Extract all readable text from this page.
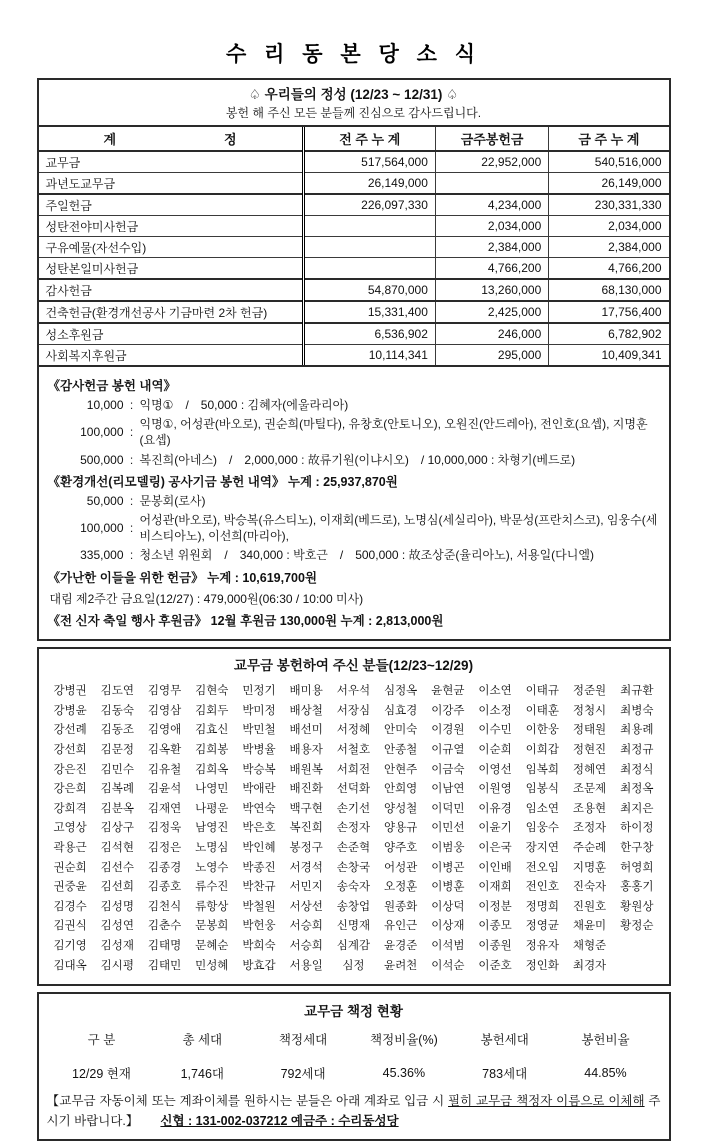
수 리 동 본 당 소 식
♤ 우리들의 정성 (12/23 ~ 12/31) ♤
봉헌 해 주신 모든 분들께 진심으로 감사드립니다.
계 정	전 주 누 계	금주봉헌금	금 주 누 계
교무금	517,564,000	22,952,000	540,516,000
과년도교무금	26,149,000		26,149,000
주일헌금	226,097,330	4,234,000	230,331,330
성탄전야미사헌금		2,034,000	2,034,000
구유예물(자선수입)		2,384,000	2,384,000
성탄본일미사헌금		4,766,200	4,766,200
감사헌금	54,870,000	13,260,000	68,130,000
건축헌금(환경개선공사 기금마련 2차 헌금)	15,331,400	2,425,000	17,756,400
성소후원금	6,536,902	246,000	6,782,902
사회복지후원금	10,114,341	295,000	10,409,341
《감사헌금 봉헌 내역》
10,000 : 익명①　/　50,000 : 김혜자(에울라리아)
100,000 :
익명①, 어성관(바오로), 권순희(마틸다), 유창호(안토니오), 오원진(안드레아), 전인호(요셉), 지명훈(요셉)
500,000 : 복진희(아네스)　/　2,000,000 : 故류기원(이냐시오)　/ 10,000,000 : 차형기(베드로)
《환경개선(리모델링) 공사기금 봉헌 내역》 누계 : 25,937,870원
50,000 : 문봉회(로사)
100,000 :
어성관(바오로), 박승복(유스티노), 이재회(베드로), 노명심(세실리아), 박문성(프란치스코), 임웅수(세비스티아노), 이선희(마리아),
335,000 : 청소년 위원회　/　340,000 : 박호근　/　500,000 : 故조상준(율리아노), 서용일(다니엘)
《가난한 이들을 위한 헌금》 누계 : 10,619,700원
대림 제2주간 금요일(12/27) : 479,000원(06:30 / 10:00 미사)
《전 신자 축일 행사 후원금》 12월 후원금 130,000원 누계 : 2,813,000원
교무금 봉헌하여 주신 분들(12/23~12/29)
강병권	김도연	김영무	김현숙	민정기	배미용	서우석	심정옥	윤현균	이소연	이태규	정준원	최규환
강병윤	김동숙	김영삼	김회두	박미정	배상철	서장심	심효경	이강주	이소정	이태훈	정청시	최병숙
강선례	김동조	김영애	김효신	박민철	배선미	서정혜	안미숙	이경원	이수민	이한웅	정태원	최용례
강선희	김문정	김옥환	김희봉	박병율	배용자	서철호	안종철	이규열	이순희	이희갑	정현진	최정규
강은진	김민수	김유철	김희옥	박승복	배원복	서희전	안현주	이금숙	이영선	임복희	정혜연	최정식
강은희	김복례	김윤석	나영민	박애란	배진화	선덕화	안희영	이남연	이원영	임봉식	조문제	최정옥
강희격	김분옥	김재연	나평운	박연숙	백구현	손기선	양성철	이덕민	이유경	임소연	조용현	최지은
고영상	김상구	김정욱	남영진	박은호	복진희	손정자	양용규	이민선	이윤기	임웅수	조정자	하이정
곽용근	김석현	김정은	노명심	박인혜	봉정구	손준혁	양주호	이범웅	이은국	장지연	주순례	한구창
권순희	김선수	김종경	노영수	박종진	서경석	손창국	어성관	이병곤	이인배	전오임	지명훈	허영희
권중윤	김선희	김종호	류수진	박찬규	서민지	송숙자	오정훈	이병훈	이재희	전인호	진숙자	홍홍기
김경수	김성명	김천식	류항상	박철원	서상선	송창업	원종화	이상덕	이정분	정명희	진원호	황원상
김권식	김성연	김춘수	문봉희	박헌웅	서승희	신명재	유인근	이상재	이종모	정영균	채윤미	황정순
김기영	김성재	김태명	문혜순	박희숙	서승희	심계감	윤경준	이석범	이종원	정유자	채형준	
김대옥	김시평	김태민	민성혜	방효갑	서용일	심정	윤려천	이석순	이준호	정인화	최경자	
교무금 책정 현황
구 분	총 세대	책정세대	책정비율(%)	봉헌세대	봉헌비율
12/29 현재	1,746대	792세대	45.36%	783세대	44.85%
【교무금 자동이체 또는 계좌이체를 원하시는 분들은 아래 계좌로 입금 시 필히 교무금 책정자 이름으로 이체해 주시기 바랍니다.】 신협 : 131-002-037212 예금주 : 수리동성당
